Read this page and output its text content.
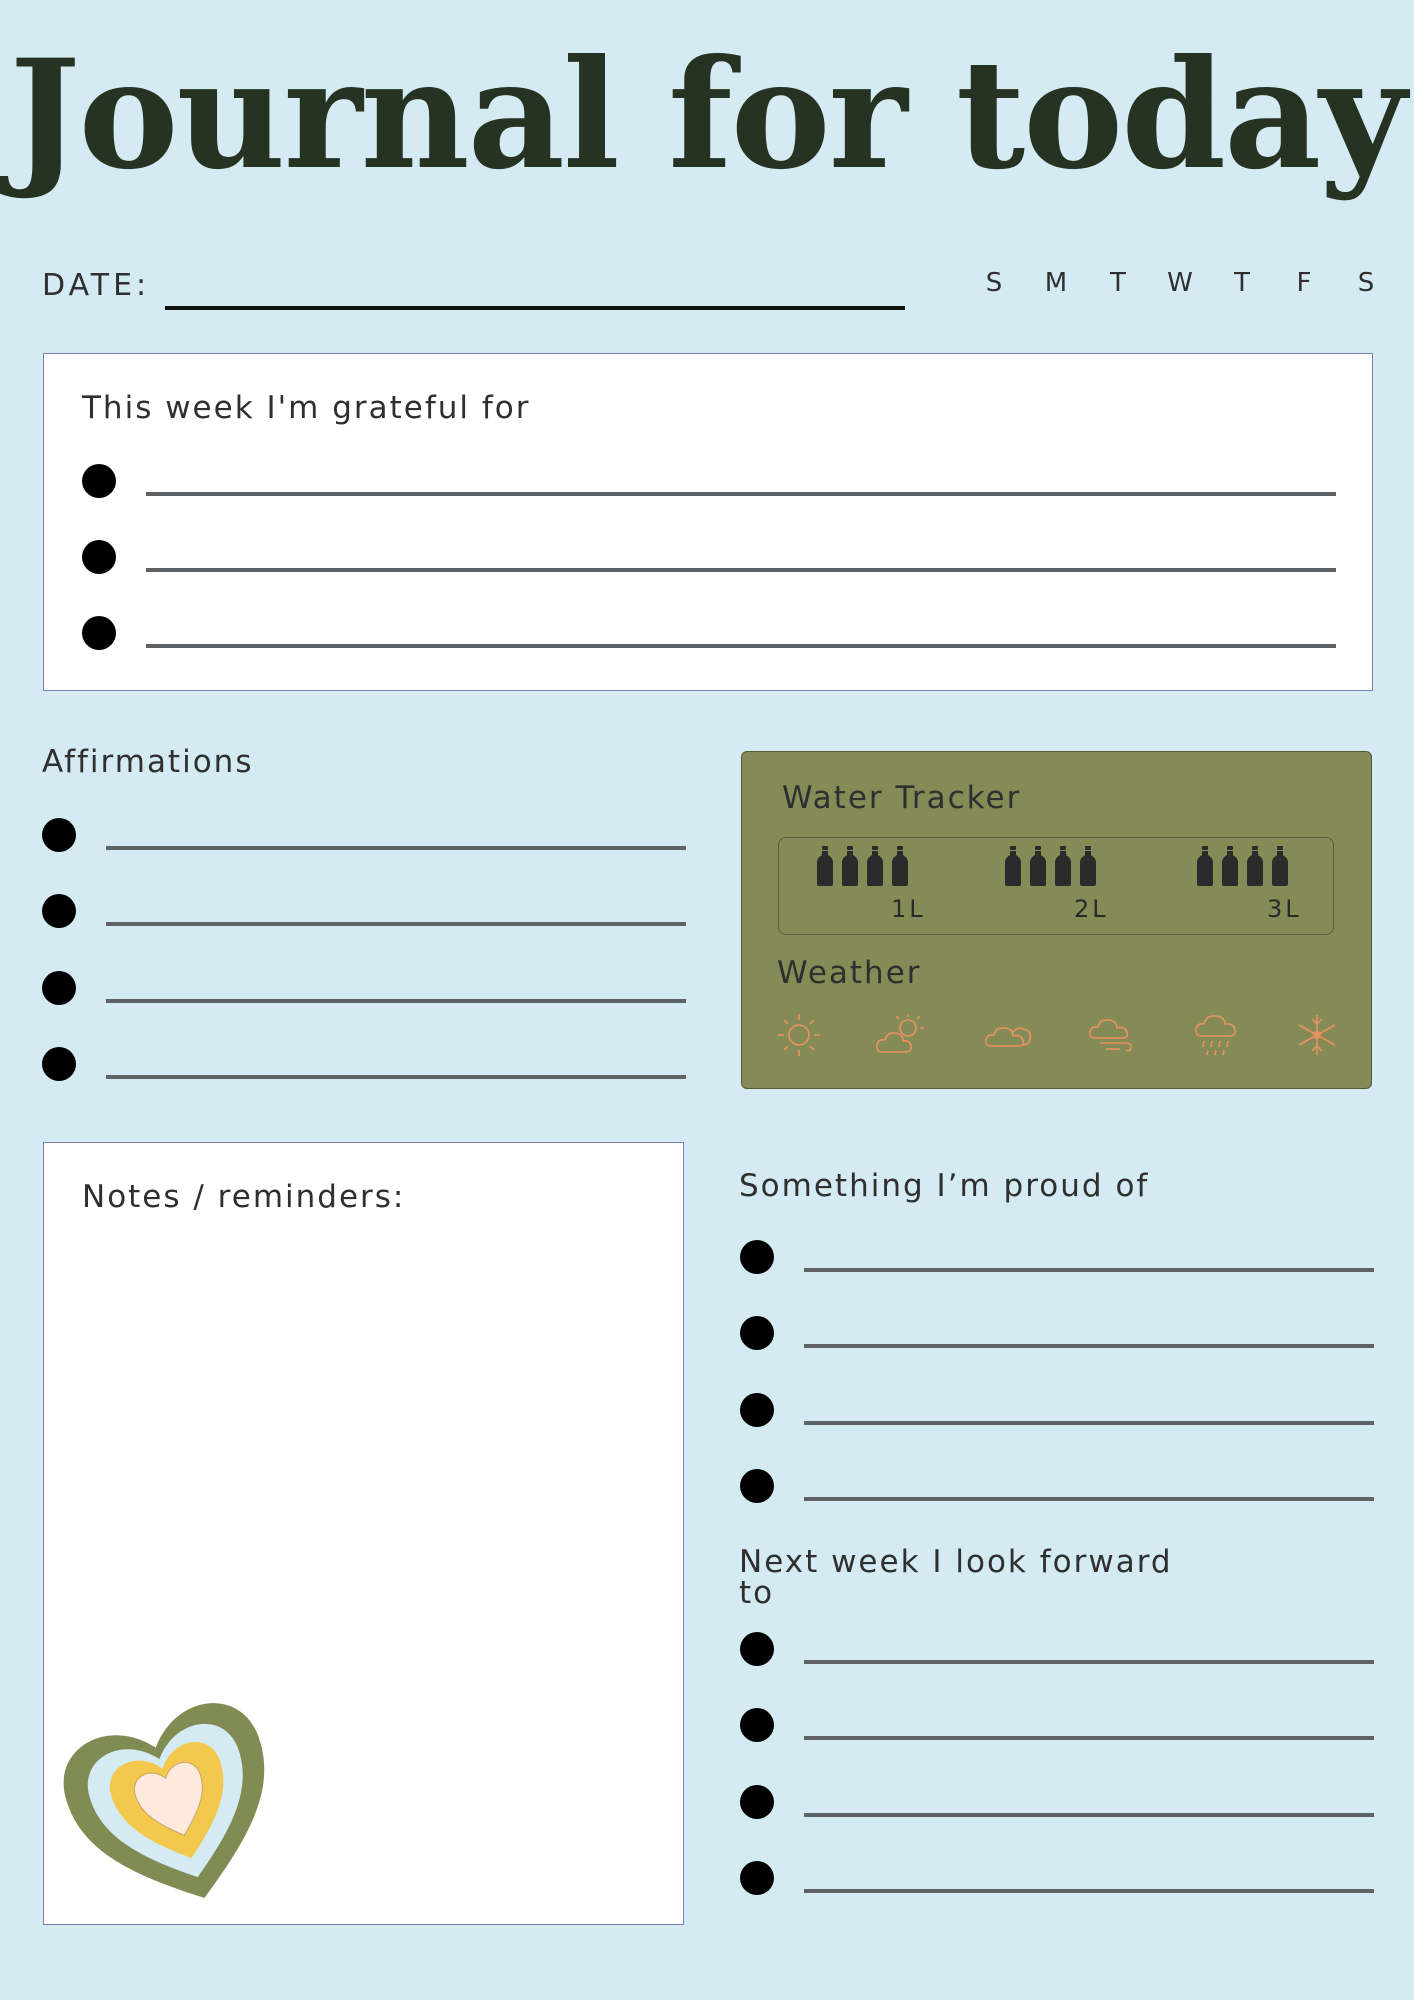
Journal for today
DATE:	S M T W T F S
This week I'm grateful for
Affirmations
Water Tracker
1L	2L	3L
Weather
Notes / reminders:	Something I’m proud of
Next week I look forward
to
